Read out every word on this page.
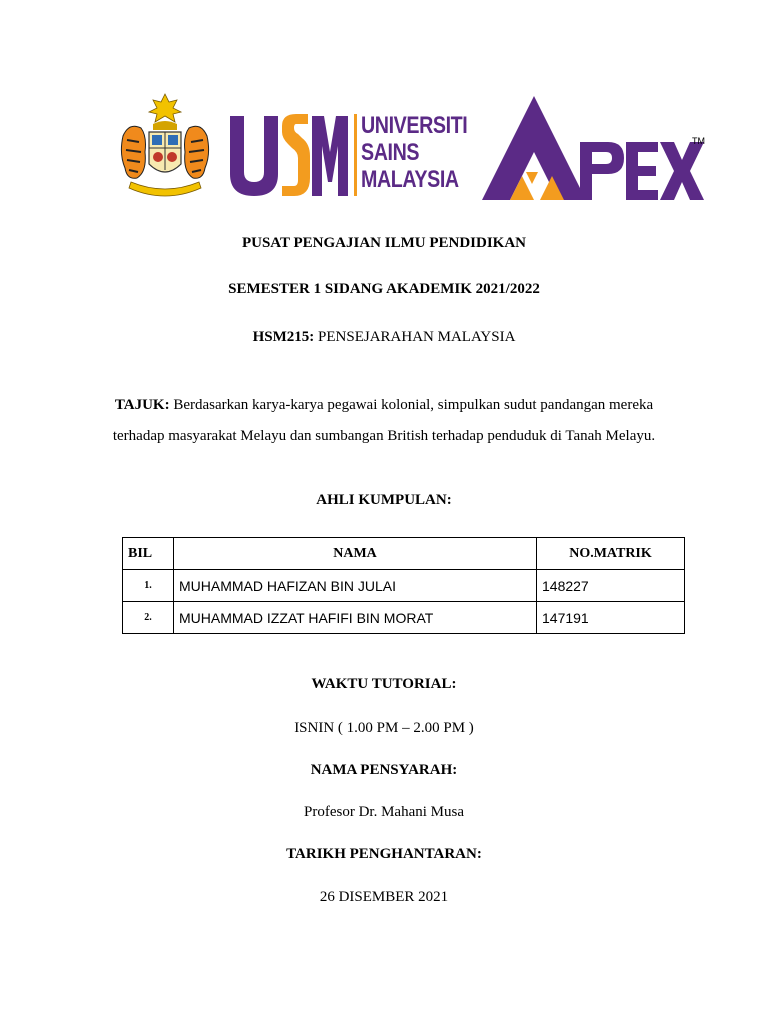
UNIVERSITI
SAINS
MALAYSIA
TM
PUSAT PENGAJIAN ILMU PENDIDIKAN
SEMESTER 1 SIDANG AKADEMIK 2021/2022
HSM215: PENSEJARAHAN MALAYSIA
TAJUK: Berdasarkan karya-karya pegawai kolonial, simpulkan sudut pandangan mereka terhadap masyarakat Melayu dan sumbangan British terhadap penduduk di Tanah Melayu.
AHLI KUMPULAN:
BIL	NAMA	NO.MATRIK
1.	MUHAMMAD HAFIZAN BIN JULAI	148227
2.	MUHAMMAD IZZAT HAFIFI BIN MORAT	147191
WAKTU TUTORIAL:
ISNIN ( 1.00 PM – 2.00 PM )
NAMA PENSYARAH:
Profesor Dr. Mahani Musa
TARIKH PENGHANTARAN:
26 DISEMBER 2021
